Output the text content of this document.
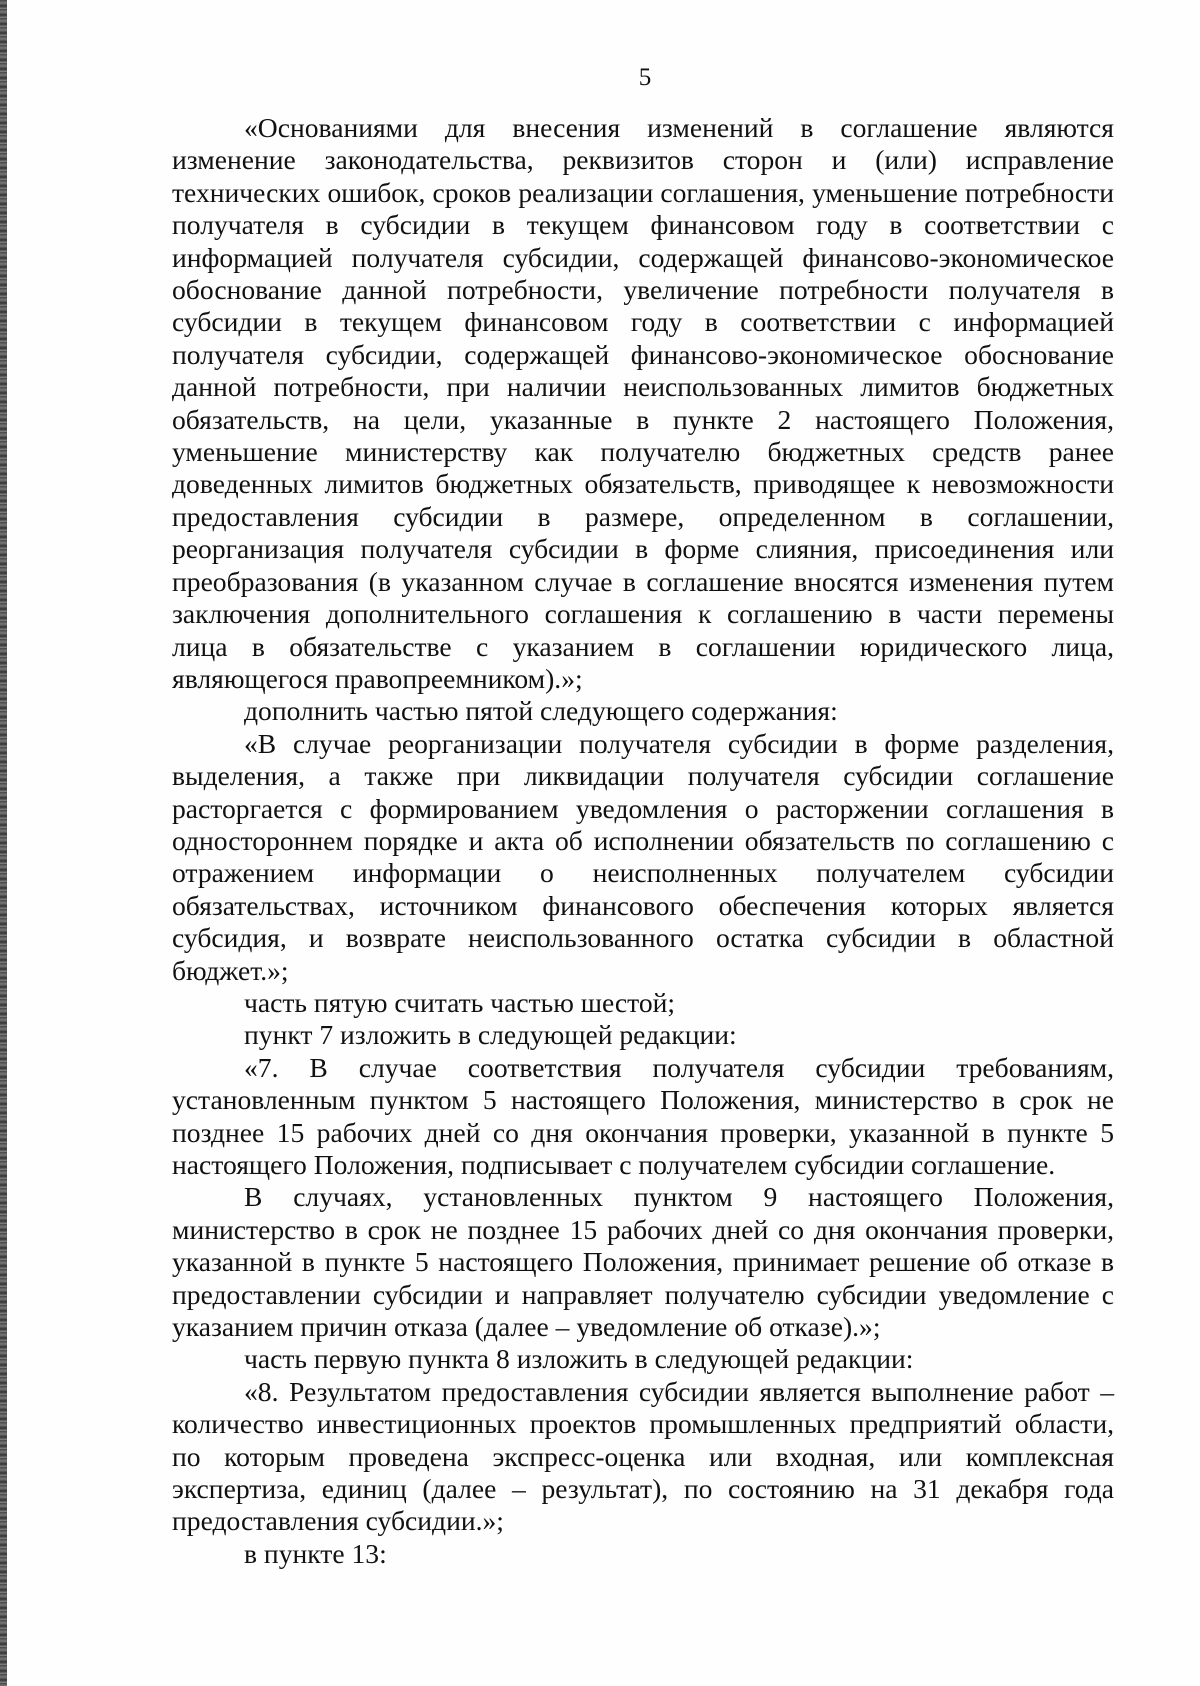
5

«Основаниями для внесения изменений в соглашение являются изменение законодательства, реквизитов сторон и (или) исправление технических ошибок, сроков реализации соглашения, уменьшение потребности получателя в субсидии в текущем финансовом году в соответствии с информацией получателя субсидии, содержащей финансово-экономическое обоснование данной потребности, увеличение потребности получателя в субсидии в текущем финансовом году в соответствии с информацией получателя субсидии, содержащей финансово-экономическое обоснование данной потребности, при наличии неиспользованных лимитов бюджетных обязательств, на цели, указанные в пункте 2 настоящего Положения, уменьшение министерству как получателю бюджетных средств ранее доведенных лимитов бюджетных обязательств, приводящее к невозможности предоставления субсидии в размере, определенном в соглашении, реорганизация получателя субсидии в форме слияния, присоединения или преобразования (в указанном случае в соглашение вносятся изменения путем заключения дополнительного соглашения к соглашению в части перемены лица в обязательстве с указанием в соглашении юридического лица, являющегося правопреемником).»;

дополнить частью пятой следующего содержания:

«В случае реорганизации получателя субсидии в форме разделения, выделения, а также при ликвидации получателя субсидии соглашение расторгается с формированием уведомления о расторжении соглашения в одностороннем порядке и акта об исполнении обязательств по соглашению с отражением информации о неисполненных получателем субсидии обязательствах, источником финансового обеспечения которых является субсидия, и возврате неиспользованного остатка субсидии в областной бюджет.»;

часть пятую считать частью шестой;

пункт 7 изложить в следующей редакции:

«7. В случае соответствия получателя субсидии требованиям, установленным пунктом 5 настоящего Положения, министерство в срок не позднее 15 рабочих дней со дня окончания проверки, указанной в пункте 5 настоящего Положения, подписывает с получателем субсидии соглашение.

В случаях, установленных пунктом 9 настоящего Положения, министерство в срок не позднее 15 рабочих дней со дня окончания проверки, указанной в пункте 5 настоящего Положения, принимает решение об отказе в предоставлении субсидии и направляет получателю субсидии уведомление с указанием причин отказа (далее – уведомление об отказе).»;

часть первую пункта 8 изложить в следующей редакции:

«8. Результатом предоставления субсидии является выполнение работ – количество инвестиционных проектов промышленных предприятий области, по которым проведена экспресс-оценка или входная, или комплексная экспертиза, единиц (далее – результат), по состоянию на 31 декабря года предоставления субсидии.»;

в пункте 13:
